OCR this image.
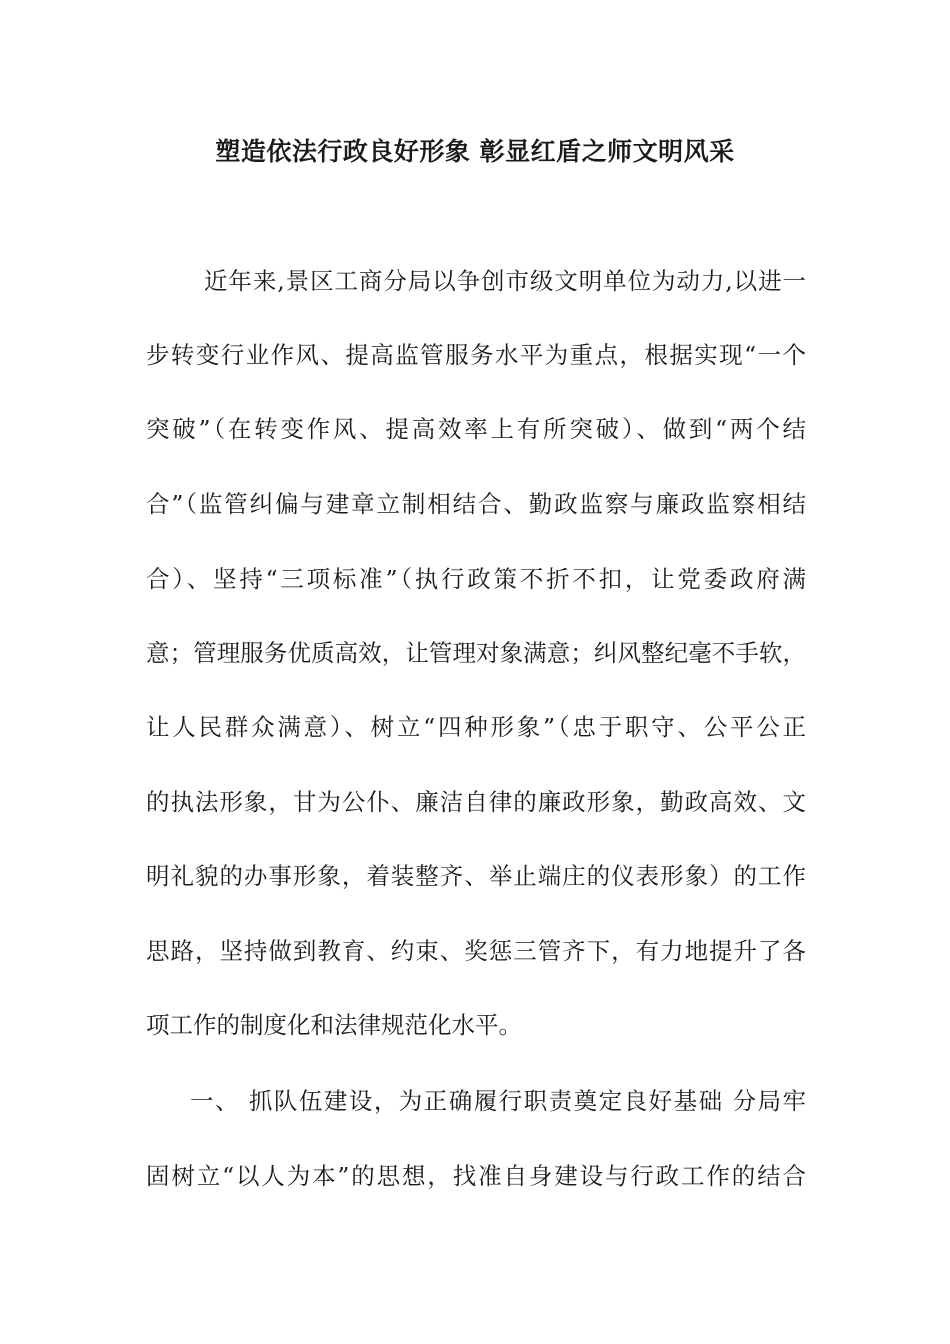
塑造依法行政良好形象 彰显红盾之师文明风采
近年来,景区工商分局以争创市级文明单位为动力,以进一
步转变行业作风、提高监管服务水平为重点，根据实现“一个
突破”（在转变作风、提高效率上有所突破）、做到“两个结
合”（监管纠偏与建章立制相结合、勤政监察与廉政监察相结
合）、坚持“三项标准”（执行政策不折不扣，让党委政府满
意；管理服务优质高效，让管理对象满意；纠风整纪毫不手软，
让人民群众满意）、树立“四种形象”（忠于职守、公平公正
的执法形象，甘为公仆、廉洁自律的廉政形象，勤政高效、文
明礼貌的办事形象，着装整齐、举止端庄的仪表形象）的工作
思路，坚持做到教育、约束、奖惩三管齐下，有力地提升了各
项工作的制度化和法律规范化水平。
一、 抓队伍建设，为正确履行职责奠定良好基础 分局牢
固树立“以人为本”的思想，找准自身建设与行政工作的结合
